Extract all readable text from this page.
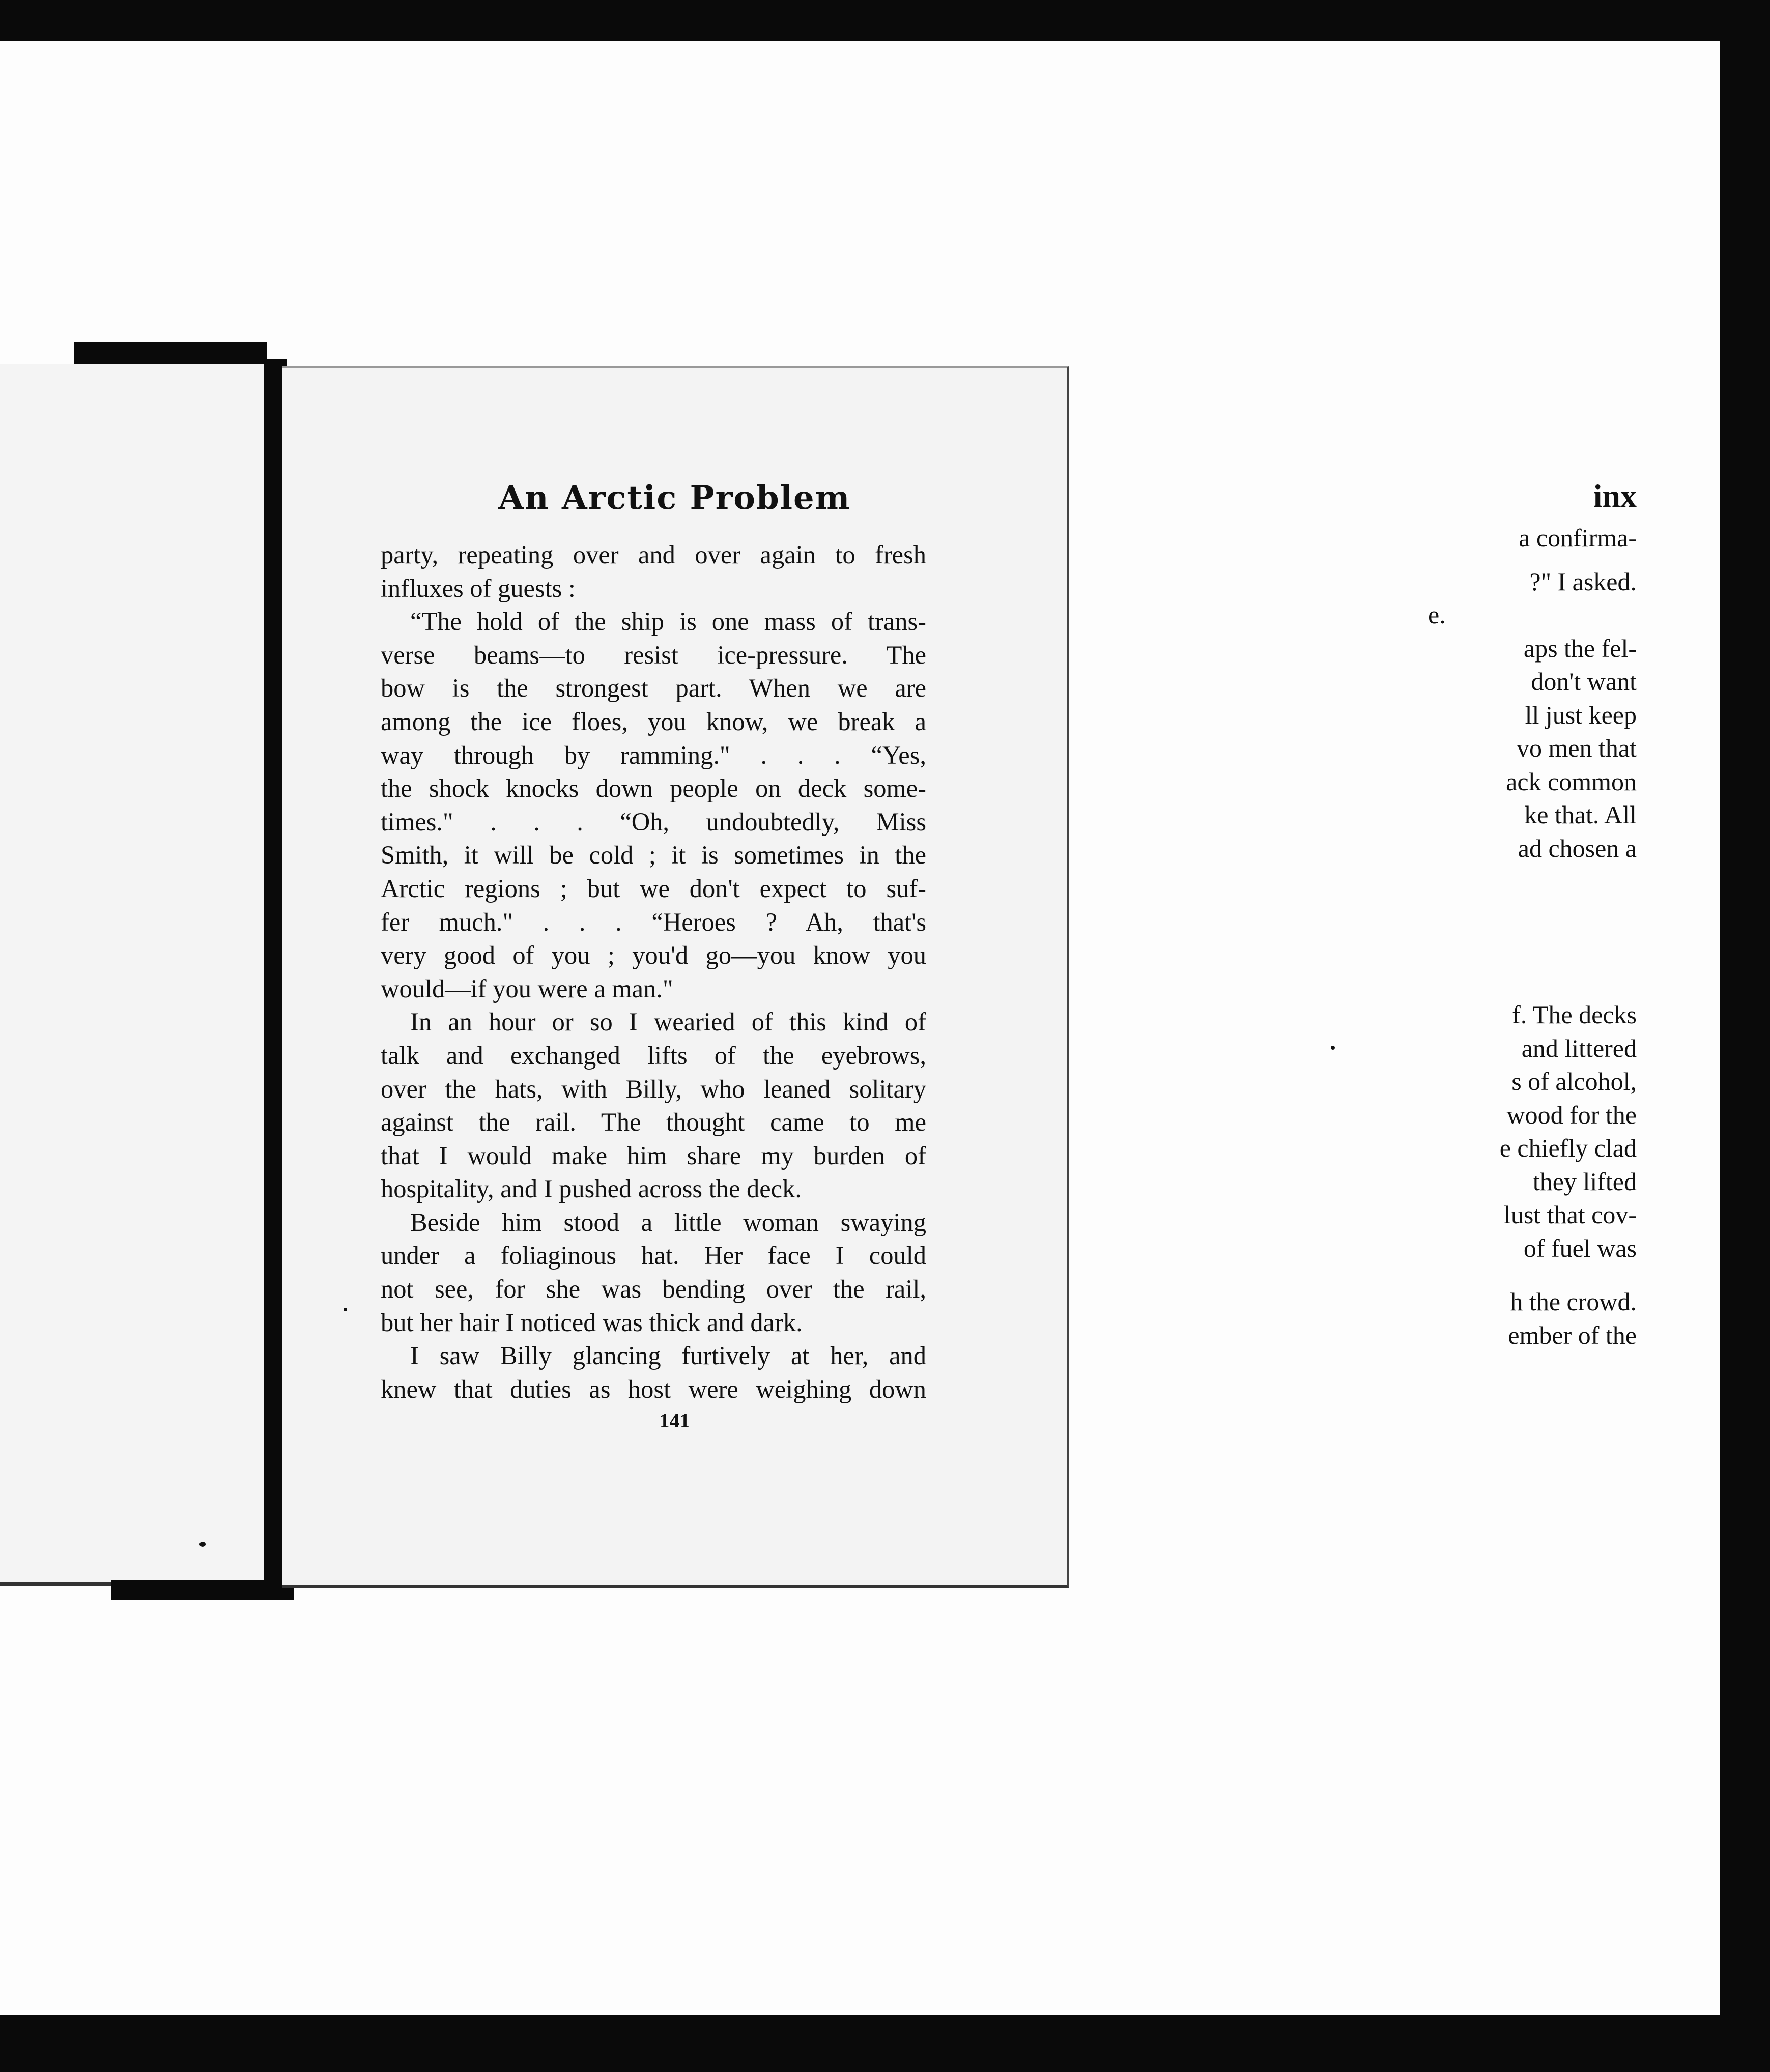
inx
a confirma-
?" I asked.
e.
aps the fel-
don't want
ll just keep
vo men that
ack common
ke that. All
ad chosen a
f. The decks
and littered
s of alcohol,
wood for the
e chiefly clad
they lifted
lust that cov-
of fuel was
h the crowd.
ember of the
An Arctic Problem
party, repeating over and over again to fresh
influxes of guests :
“The hold of the ship is one mass of trans-
verse beams—to resist ice-pressure. The
bow is the strongest part. When we are
among the ice floes, you know, we break a
way through by ramming." . . . “Yes,
the shock knocks down people on deck some-
times." . . . “Oh, undoubtedly, Miss
Smith, it will be cold ; it is sometimes in the
Arctic regions ; but we don't expect to suf-
fer much." . . . “Heroes ? Ah, that's
very good of you ; you'd go—you know you
would—if you were a man."
In an hour or so I wearied of this kind of
talk and exchanged lifts of the eyebrows,
over the hats, with Billy, who leaned solitary
against the rail. The thought came to me
that I would make him share my burden of
hospitality, and I pushed across the deck.
Beside him stood a little woman swaying
under a foliaginous hat. Her face I could
not see, for she was bending over the rail,
but her hair I noticed was thick and dark.
I saw Billy glancing furtively at her, and
knew that duties as host were weighing down
141
